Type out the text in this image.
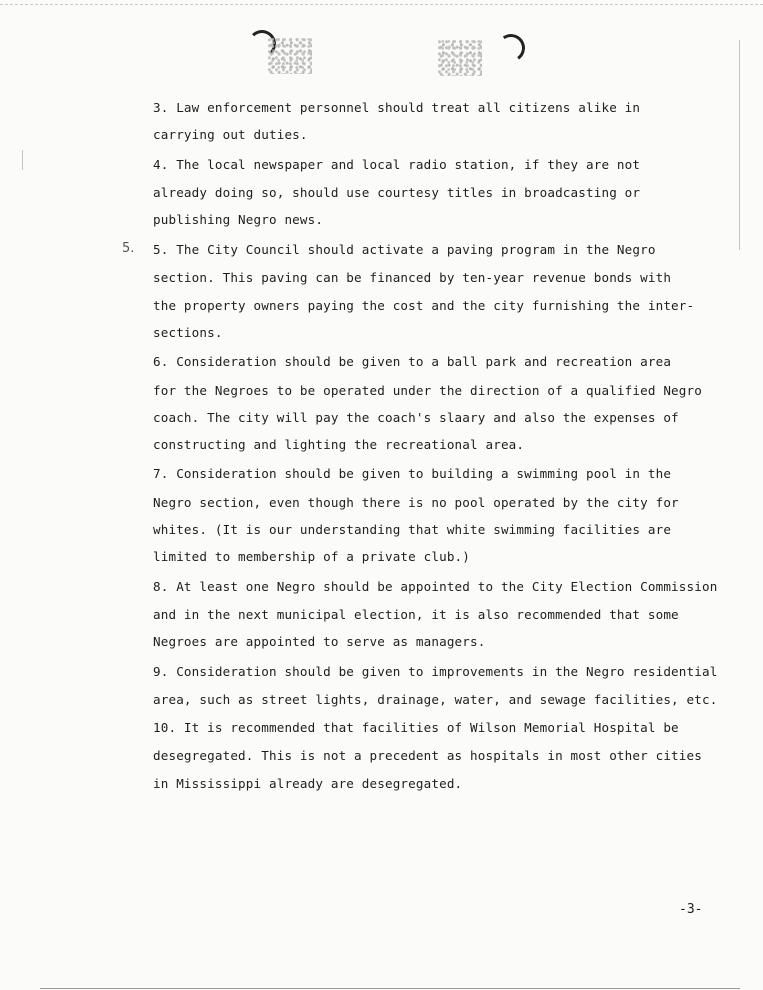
5.

3. Law enforcement personnel should treat all citizens alike in

carrying out duties.

4. The local newspaper and local radio station, if they are not

already doing so, should use courtesy titles in broadcasting or

publishing Negro news.

5. The City Council should activate a paving program in the Negro

section. This paving can be financed by ten-year revenue bonds with

the property owners paying the cost and the city furnishing the inter-

sections.

6. Consideration should be given to a ball park and recreation area

for the Negroes to be operated under the direction of a qualified Negro

coach. The city will pay the coach's slaary and also the expenses of

constructing and lighting the recreational area.

7. Consideration should be given to building a swimming pool in the

Negro section, even though there is no pool operated by the city for

whites. (It is our understanding that white swimming facilities are

limited to membership of a private club.)

8. At least one Negro should be appointed to the City Election Commission

and in the next municipal election, it is also recommended that some

Negroes are appointed to serve as managers.

9. Consideration should be given to improvements in the Negro residential

area, such as street lights, drainage, water, and sewage facilities, etc.

10. It is recommended that facilities of Wilson Memorial Hospital be

desegregated. This is not a precedent as hospitals in most other cities

in Mississippi already are desegregated.

-3-
